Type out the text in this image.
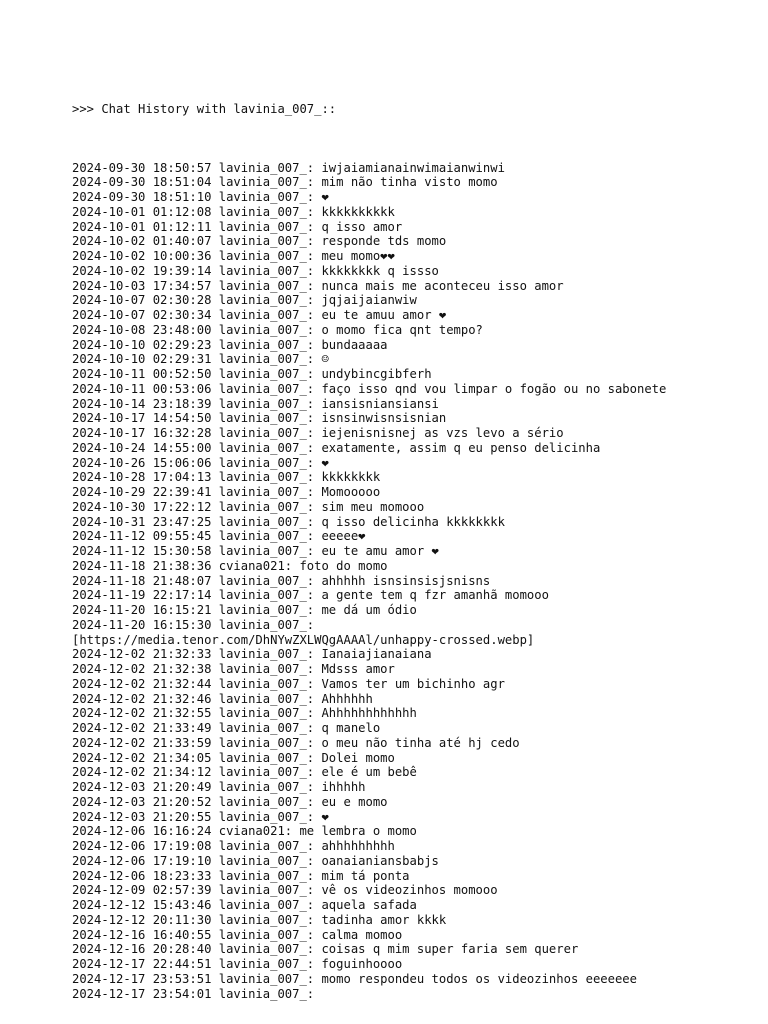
>>> Chat History with lavinia_007_::

2024-09-30 18:50:57 lavinia_007_: iwjaiamianainwimaianwinwi
2024-09-30 18:51:04 lavinia_007_: mim não tinha visto momo
2024-09-30 18:51:10 lavinia_007_: ❤
2024-10-01 01:12:08 lavinia_007_: kkkkkkkkkk
2024-10-01 01:12:11 lavinia_007_: q isso amor
2024-10-02 01:40:07 lavinia_007_: responde tds momo
2024-10-02 10:00:36 lavinia_007_: meu momo❤❤
2024-10-02 19:39:14 lavinia_007_: kkkkkkkk q issso
2024-10-03 17:34:57 lavinia_007_: nunca mais me aconteceu isso amor
2024-10-07 02:30:28 lavinia_007_: jqjaijaianwiw
2024-10-07 02:30:34 lavinia_007_: eu te amuu amor ❤
2024-10-08 23:48:00 lavinia_007_: o momo fica qnt tempo?
2024-10-10 02:29:23 lavinia_007_: bundaaaaa
2024-10-10 02:29:31 lavinia_007_: ☺
2024-10-11 00:52:50 lavinia_007_: undybincgibferh
2024-10-11 00:53:06 lavinia_007_: faço isso qnd vou limpar o fogão ou no sabonete
2024-10-14 23:18:39 lavinia_007_: iansisniansiansi
2024-10-17 14:54:50 lavinia_007_: isnsinwisnsisnian
2024-10-17 16:32:28 lavinia_007_: iejenisnisnej as vzs levo a sério
2024-10-24 14:55:00 lavinia_007_: exatamente, assim q eu penso delicinha
2024-10-26 15:06:06 lavinia_007_: ❤
2024-10-28 17:04:13 lavinia_007_: kkkkkkkk
2024-10-29 22:39:41 lavinia_007_: Momooooo
2024-10-30 17:22:12 lavinia_007_: sim meu momooo
2024-10-31 23:47:25 lavinia_007_: q isso delicinha kkkkkkkk
2024-11-12 09:55:45 lavinia_007_: eeeee❤
2024-11-12 15:30:58 lavinia_007_: eu te amu amor ❤
2024-11-18 21:38:36 cviana021: foto do momo
2024-11-18 21:48:07 lavinia_007_: ahhhhh isnsinsisjsnisns
2024-11-19 22:17:14 lavinia_007_: a gente tem q fzr amanhã momooo
2024-11-20 16:15:21 lavinia_007_: me dá um ódio
2024-11-20 16:15:30 lavinia_007_:
[https://media.tenor.com/DhNYwZXLWQgAAAAl/unhappy-crossed.webp]
2024-12-02 21:32:33 lavinia_007_: Ianaiajianaiana
2024-12-02 21:32:38 lavinia_007_: Mdsss amor
2024-12-02 21:32:44 lavinia_007_: Vamos ter um bichinho agr
2024-12-02 21:32:46 lavinia_007_: Ahhhhhh
2024-12-02 21:32:55 lavinia_007_: Ahhhhhhhhhhhh
2024-12-02 21:33:49 lavinia_007_: q manelo
2024-12-02 21:33:59 lavinia_007_: o meu não tinha até hj cedo
2024-12-02 21:34:05 lavinia_007_: Dolei momo
2024-12-02 21:34:12 lavinia_007_: ele é um bebê
2024-12-03 21:20:49 lavinia_007_: ihhhhh
2024-12-03 21:20:52 lavinia_007_: eu e momo
2024-12-03 21:20:55 lavinia_007_: ❤
2024-12-06 16:16:24 cviana021: me lembra o momo
2024-12-06 17:19:08 lavinia_007_: ahhhhhhhhh
2024-12-06 17:19:10 lavinia_007_: oanaianiansbabjs
2024-12-06 18:23:33 lavinia_007_: mim tá ponta
2024-12-09 02:57:39 lavinia_007_: vê os videozinhos momooo
2024-12-12 15:43:46 lavinia_007_: aquela safada
2024-12-12 20:11:30 lavinia_007_: tadinha amor kkkk
2024-12-16 16:40:55 lavinia_007_: calma momoo
2024-12-16 20:28:40 lavinia_007_: coisas q mim super faria sem querer
2024-12-17 22:44:51 lavinia_007_: foguinhoooo
2024-12-17 23:53:51 lavinia_007_: momo respondeu todos os videozinhos eeeeeee
2024-12-17 23:54:01 lavinia_007_:
